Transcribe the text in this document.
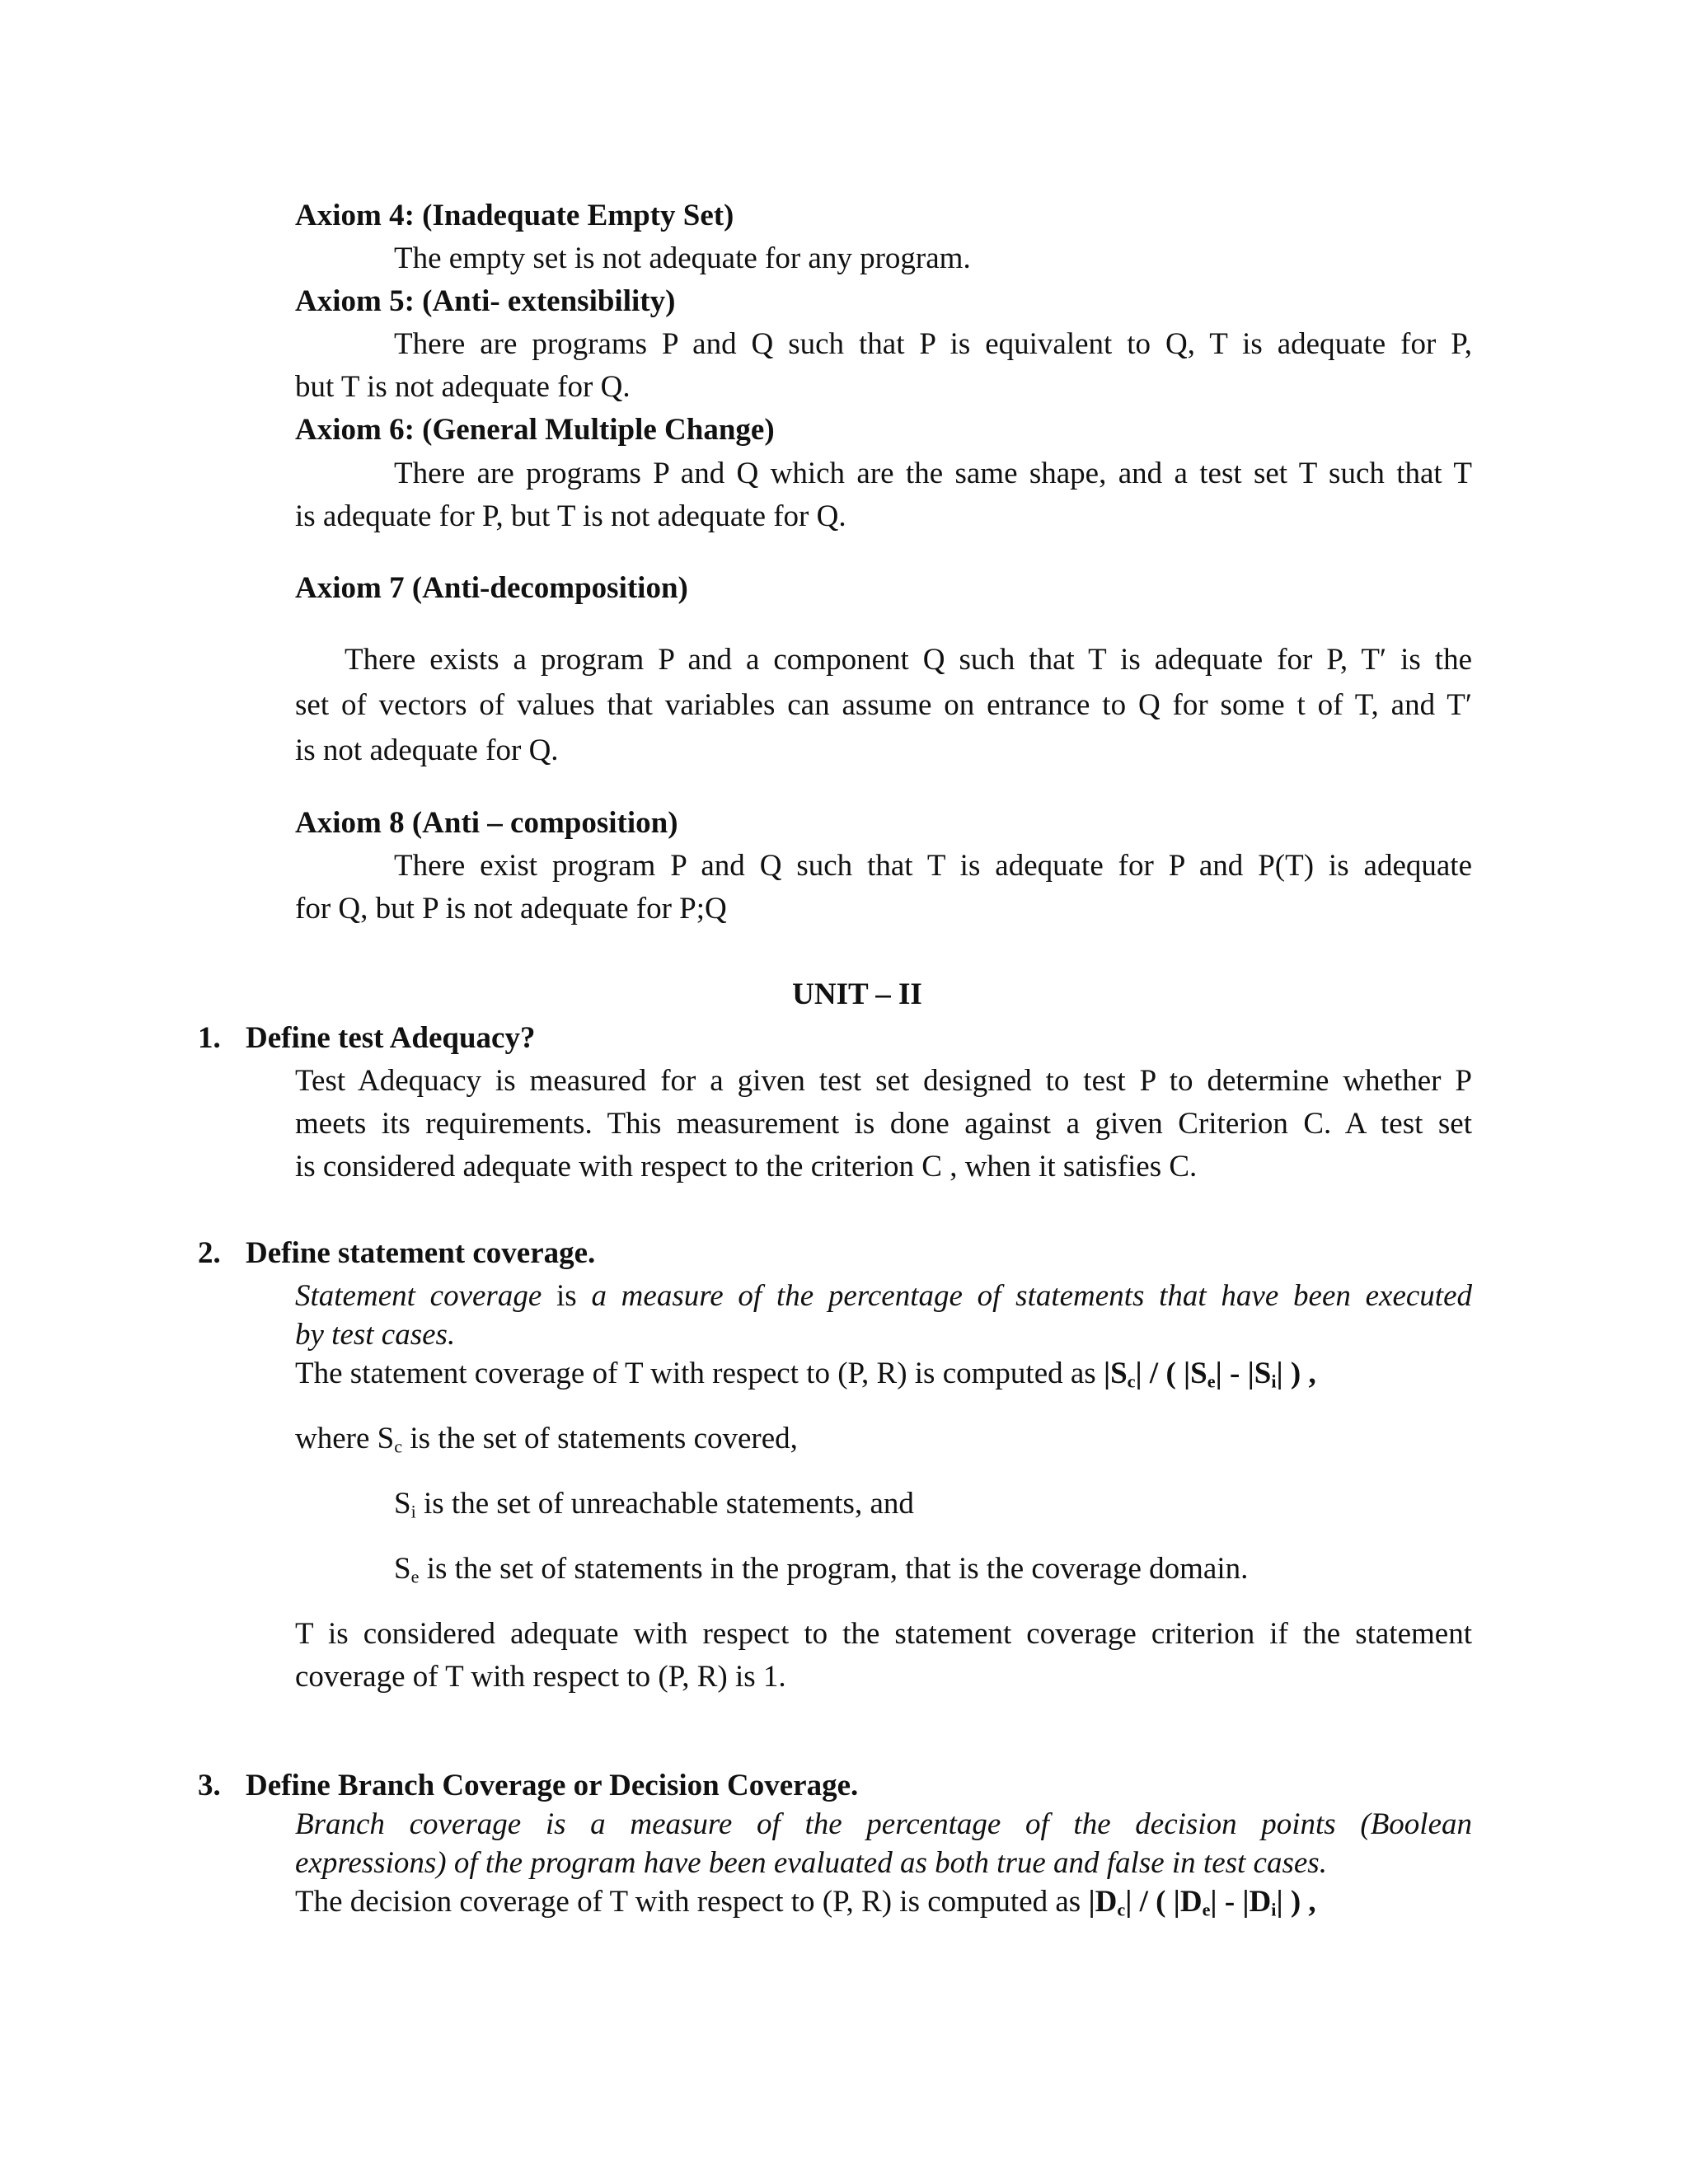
Axiom 4: (Inadequate Empty Set)
The empty set is not adequate for any program.
Axiom 5: (Anti- extensibility)
There are programs P and Q such that P is equivalent to Q, T is adequate for P,
but T is not adequate for Q.
Axiom 6: (General Multiple Change)
There are programs P and Q which are the same shape, and a test set T such that T
is adequate for P, but T is not adequate for Q.
Axiom 7 (Anti-decomposition)
There exists a program P and a component Q such that T is adequate for P, T′ is the
set of vectors of values that variables can assume on entrance to Q for some t of T, and T′
is not adequate for Q.
Axiom 8 (Anti – composition)
There exist program P and Q such that T is adequate for P and P(T) is adequate
for Q, but P is not adequate for P;Q
UNIT – II
1. Define test Adequacy?
Test Adequacy is measured for a given test set designed to test P to determine whether P
meets its requirements. This measurement is done against a given Criterion C. A test set
is considered adequate with respect to the criterion C , when it satisfies C.
2. Define statement coverage.
Statement coverage is a measure of the percentage of statements that have been executed
by test cases.
The statement coverage of T with respect to (P, R) is computed as $|S_c|$ / ( $|S_e| - |S_i|$ ) ,
where $S_c$ is the set of statements covered,
$S_i$ is the set of unreachable statements, and
$S_e$ is the set of statements in the program, that is the coverage domain.
T is considered adequate with respect to the statement coverage criterion if the statement
coverage of T with respect to (P, R) is 1.
3. Define Branch Coverage or Decision Coverage.
Branch coverage is a measure of the percentage of the decision points (Boolean
expressions) of the program have been evaluated as both true and false in test cases.
The decision coverage of T with respect to (P, R) is computed as $|D_c|$ / ( $|D_e| - |D_i|$ ) ,
